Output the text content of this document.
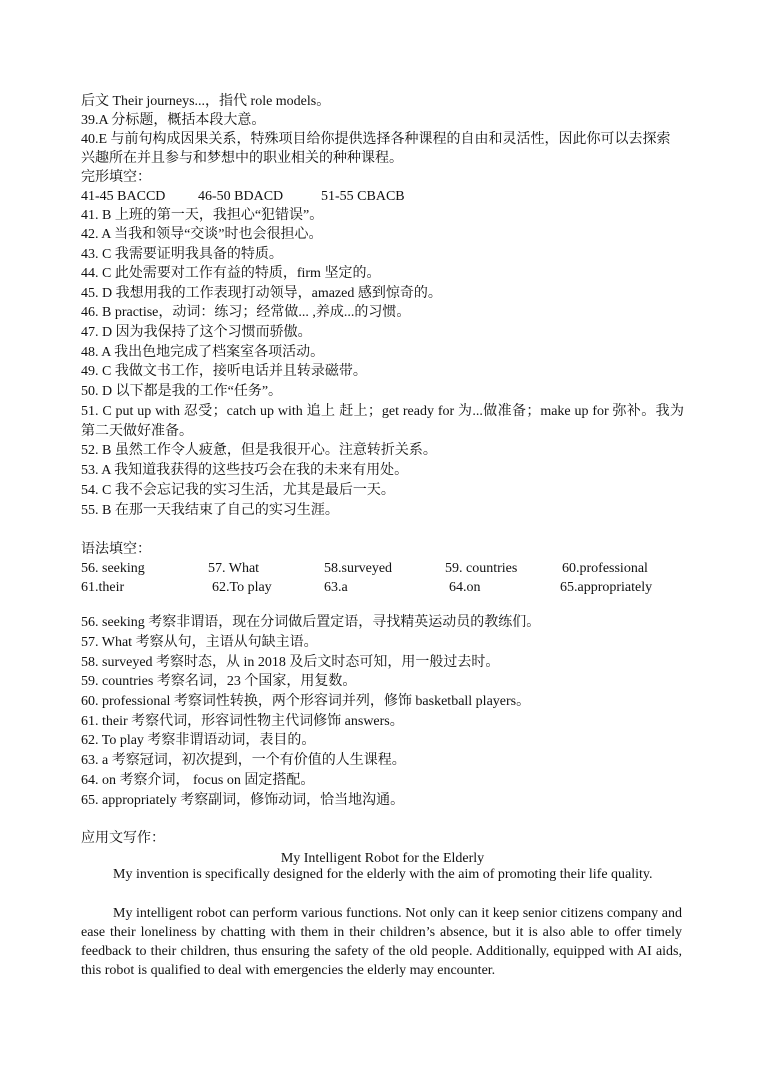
后文 Their journeys...，指代 role models。
39.A 分标题，概括本段大意。
40.E 与前句构成因果关系，特殊项目给你提供选择各种课程的自由和灵活性，因此你可以去探索兴趣所在并且参与和梦想中的职业相关的种种课程。
完形填空：
41-45 BACCD 46-50 BDACD	51-55 CBACB
41. B 上班的第一天，我担心“犯错误”。
42. A 当我和领导“交谈”时也会很担心。
43. C 我需要证明我具备的特质。
44. C 此处需要对工作有益的特质，firm 坚定的。
45. D 我想用我的工作表现打动领导，amazed 感到惊奇的。
46. B practise，动词：练习；经常做... ,养成...的习惯。
47. D 因为我保持了这个习惯而骄傲。
48. A 我出色地完成了档案室各项活动。
49. C 我做文书工作，接听电话并且转录磁带。
50. D 以下都是我的工作“任务”。
51. C put up with 忍受；catch up with 追上 赶上；get ready for 为...做准备；make up for 弥补。我为第二天做好准备。
52. B 虽然工作令人疲惫，但是我很开心。注意转折关系。
53. A 我知道我获得的这些技巧会在我的未来有用处。
54. C 我不会忘记我的实习生活，尤其是最后一天。
55. B 在那一天我结束了自己的实习生涯。
语法填空：
56. seeking	57. What	58.surveyed	59. countries	60.professional
61.their	62.To play	63.a	64.on	65.appropriately
56. seeking 考察非谓语，现在分词做后置定语，寻找精英运动员的教练们。
57. What 考察从句，主语从句缺主语。
58. surveyed 考察时态，从 in 2018 及后文时态可知，用一般过去时。
59. countries 考察名词，23 个国家，用复数。
60. professional 考察词性转换，两个形容词并列，修饰 basketball players。
61. their 考察代词，形容词性物主代词修饰 answers。
62. To play 考察非谓语动词，表目的。
63. a 考察冠词，初次提到，一个有价值的人生课程。
64. on 考察介词， focus on 固定搭配。
65. appropriately 考察副词，修饰动词，恰当地沟通。
应用文写作：
My Intelligent Robot for the Elderly
My invention is specifically designed for the elderly with the aim of promoting their life quality.
My intelligent robot can perform various functions. Not only can it keep senior citizens company and ease their loneliness by chatting with them in their children’s absence, but it is also able to offer timely feedback to their children, thus ensuring the safety of the old people. Additionally, equipped with AI aids, this robot is qualified to deal with emergencies the elderly may encounter.
